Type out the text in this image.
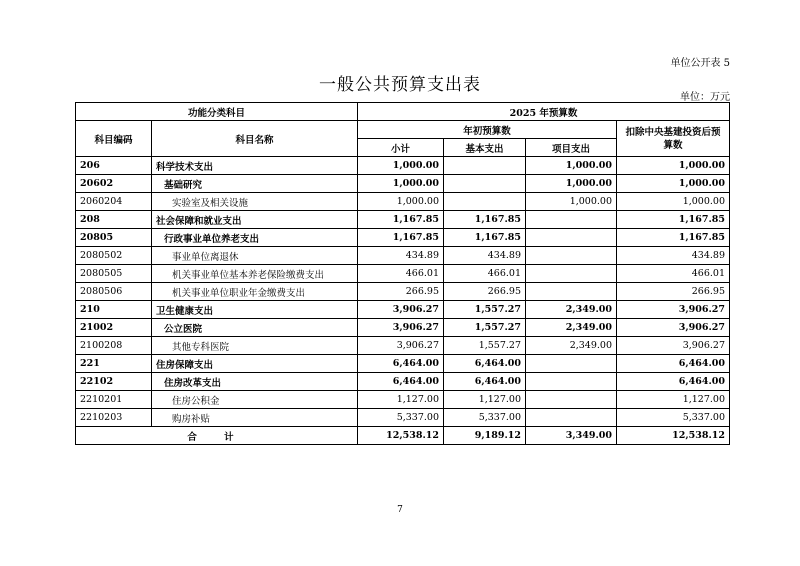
单位公开表 5
一般公共预算支出表
单位：万元
功能分类科目		2025 年预算数			
科目编码	科目名称	年初预算数			扣除中央基建投资后预算数
		小计	基本支出	项目支出	
206	科学技术支出	1,000.00		1,000.00	1,000.00
20602	基础研究	1,000.00		1,000.00	1,000.00
2060204	实验室及相关设施	1,000.00		1,000.00	1,000.00
208	社会保障和就业支出	1,167.85	1,167.85		1,167.85
20805	行政事业单位养老支出	1,167.85	1,167.85		1,167.85
2080502	事业单位离退休	434.89	434.89		434.89
2080505	机关事业单位基本养老保险缴费支出	466.01	466.01		466.01
2080506	机关事业单位职业年金缴费支出	266.95	266.95		266.95
210	卫生健康支出	3,906.27	1,557.27	2,349.00	3,906.27
21002	公立医院	3,906.27	1,557.27	2,349.00	3,906.27
2100208	其他专科医院	3,906.27	1,557.27	2,349.00	3,906.27
221	住房保障支出	6,464.00	6,464.00		6,464.00
22102	住房改革支出	6,464.00	6,464.00		6,464.00
2210201	住房公积金	1,127.00	1,127.00		1,127.00
2210203	购房补贴	5,337.00	5,337.00		5,337.00
合 计		12,538.12	9,189.12	3,349.00	12,538.12
7
